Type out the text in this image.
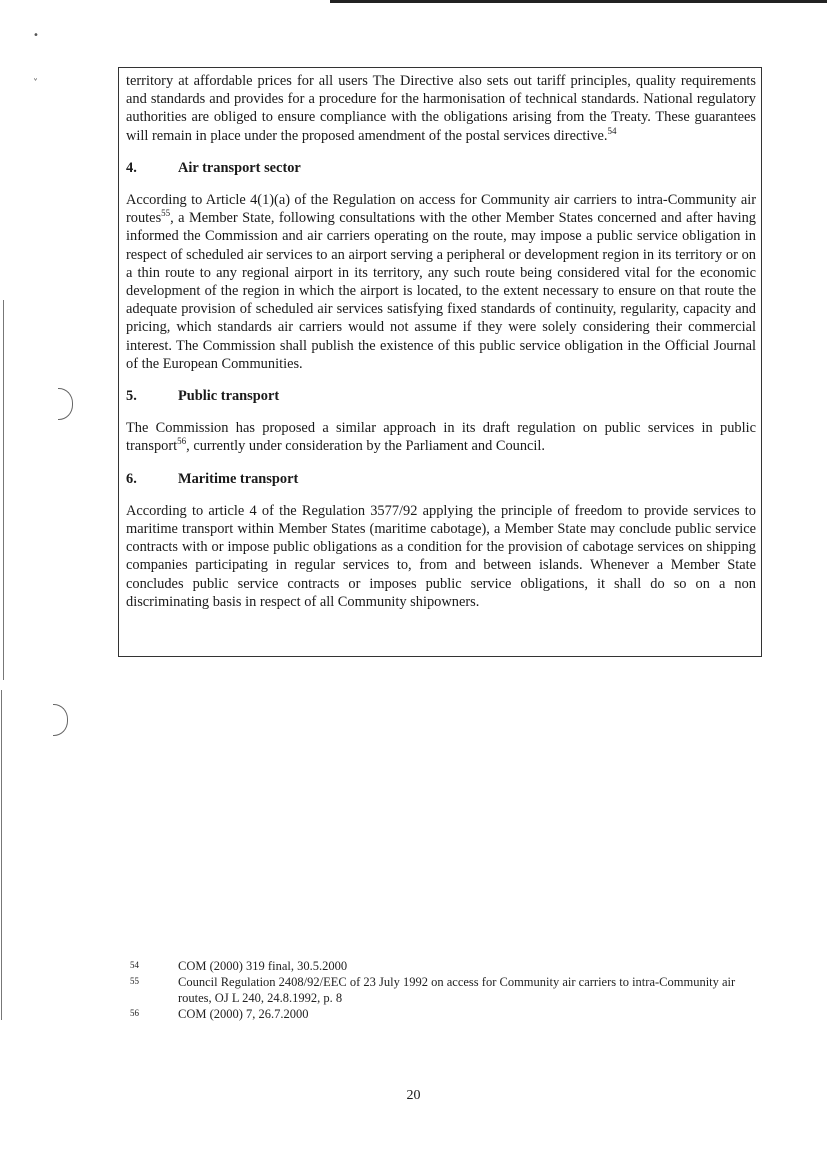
•
˅	territory at affordable prices for all users The Directive also sets out tariff principles, quality requirements and standards and provides for a procedure for the harmonisation of technical standards. National regulatory authorities are obliged to ensure compliance with the obligations arising from the Treaty. These guarantees will remain in place under the proposed amendment of the postal services directive.$^{54}$

4.	Air transport sector

According to Article 4(1)(a) of the Regulation on access for Community air carriers to intra-Community air routes$^{55}$, a Member State, following consultations with the other Member States concerned and after having informed the Commission and air carriers operating on the route, may impose a public service obligation in respect of scheduled air services to an airport serving a peripheral or development region in its territory or on a thin route to any regional airport in its territory, any such route being considered vital for the economic development of the region in which the airport is located, to the extent necessary to ensure on that route the adequate provision of scheduled air services satisfying fixed standards of continuity, regularity, capacity and pricing, which standards air carriers would not assume if they were solely considering their commercial interest. The Commission shall publish the existence of this public service obligation in the Official Journal of the European Communities.

5.	Public transport

The Commission has proposed a similar approach in its draft regulation on public services in public transport$^{56}$, currently under consideration by the Parliament and Council.

6.	Maritime transport

According to article 4 of the Regulation 3577/92 applying the principle of freedom to provide services to maritime transport within Member States (maritime cabotage), a Member State may conclude public service contracts with or impose public obligations as a condition for the provision of cabotage services on shipping companies participating in regular services to, from and between islands. Whenever a Member State concludes public service contracts or imposes public service obligations, it shall do so on a non discriminating basis in respect of all Community shipowners.

54	COM (2000) 319 final, 30.5.2000
55	Council Regulation 2408/92/EEC of 23 July 1992 on access for Community air carriers to intra-Community air routes, OJ L 240, 24.8.1992, p. 8
56	COM (2000) 7, 26.7.2000
20
